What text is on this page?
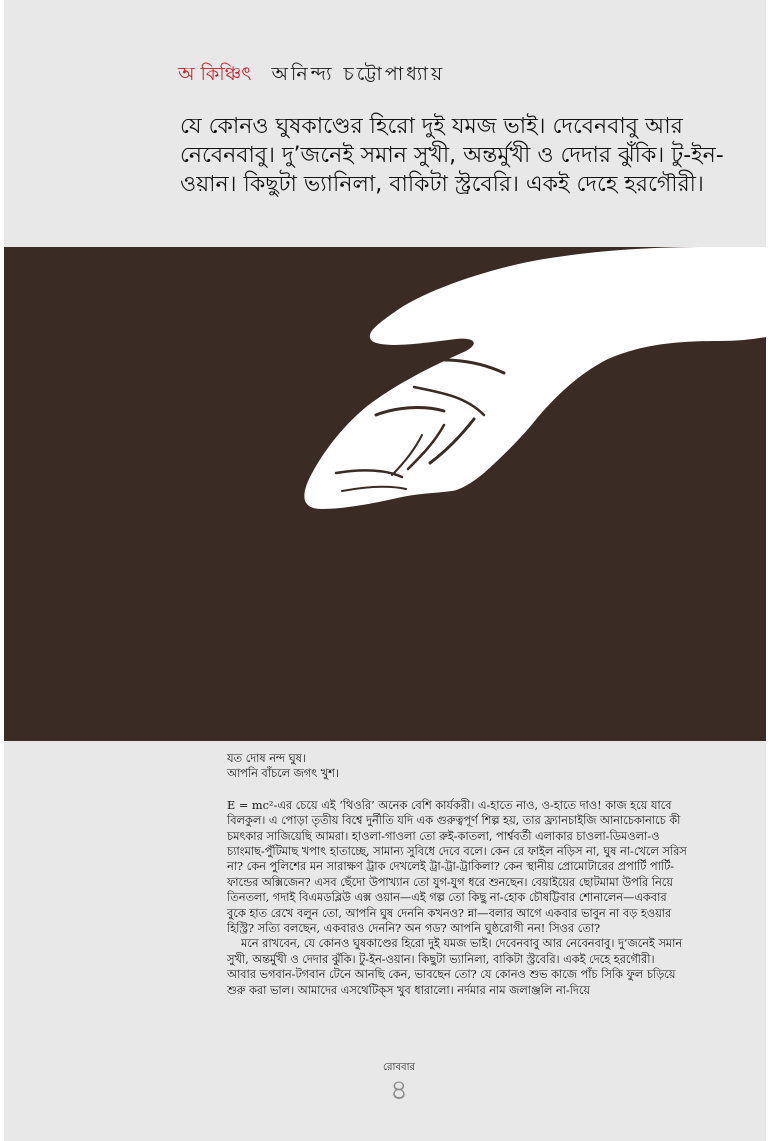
অ কিঞ্চিৎ অনিন্দ্য চট্টোপাধ্যায়

যে কোনও ঘুষকাণ্ডের হিরো দুই যমজ ভাই। দেবেনবাবু আর নেবেনবাবু। দু’জনেই সমান সুখী, অন্তর্মুখী ও দেদার ঝুঁকি। টু-ইন-ওয়ান। কিছুটা ভ্যানিলা, বাকিটা স্ট্রবেরি। একই দেহে হরগৌরী।

যত দোষ নন্দ ঘুষ।

আপনি বাঁচলে জগৎ খুশ।

E = mc²-এর চেয়ে এই ‘থিওরি’ অনেক বেশি কার্যকরী। এ-হাতে নাও, ও-হাতে দাও! কাজ হয়ে যাবে বিলকুল। এ পোড়া তৃতীয় বিশ্বে দুর্নীতি যদি এক গুরুত্বপূর্ণ শিল্প হয়, তার ফ্র্যানচাইজি আনাচেকানাচে কী চমৎকার সাজিয়েছি আমরা। হাওলা-গাওলা তো রুই-কাতলা, পার্শ্ববর্তী এলাকার চাওলা-ডিমওলা-ও চ্যাংমাছ-পুঁটিমাছ খপাৎ হাতাচ্ছে, সামান্য সুবিধে দেবে বলে। কেন রে ফাইল নড়িস না, ঘুষ না-খেলে সরিস না? কেন পুলিশের মন সারাক্ষণ ট্রাক দেখলেই ট্রা-ট্রা-ট্রাকিলা? কেন স্থানীয় প্রোমোটারের প্রপার্টি পার্টি-ফান্ডের অক্সিজেন? এসব ছেঁদো উপাখ্যান তো যুগ-যুগ ধরে শুনছেন। বেয়াইয়ের ছোটমামা উপরি নিয়ে তিনতলা, গদাই বিএমডব্লিউ এক্স ওয়ান—এই গল্প তো কিছু না-হোক চৌষট্টিবার শোনালেন—একবার বুকে হাত রেখে বলুন তো, আপনি ঘুষ দেননি কখনও? ন্না—বলার আগে একবার ভাবুন না বড় হওয়ার হিস্ট্রি? সত্যি বলছেন, একবারও দেননি? অন গড? আপনি ঘুষ্ঠরোগী নন! সিওর তো?

মনে রাখবেন, যে কোনও ঘুষকাণ্ডের হিরো দুই যমজ ভাই। দেবেনবাবু আর নেবেনবাবু। দু’জনেই সমান সুখী, অন্তর্মুখী ও দেদার ঝুঁকি। টু-ইন-ওয়ান। কিছুটা ভ্যানিলা, বাকিটা স্ট্রবেরি। একই দেহে হরগৌরী। আবার ভগবান-টগবান টেনে আনছি কেন, ভাবছেন তো? যে কোনও শুভ কাজে পাঁচ সিকি ফুল চড়িয়ে শুরু করা ভাল। আমাদের এসথেটিক্‌স খুব ধারালো। নর্দমার নাম জলাঞ্জলি না-দিয়ে

রোববার
৪
